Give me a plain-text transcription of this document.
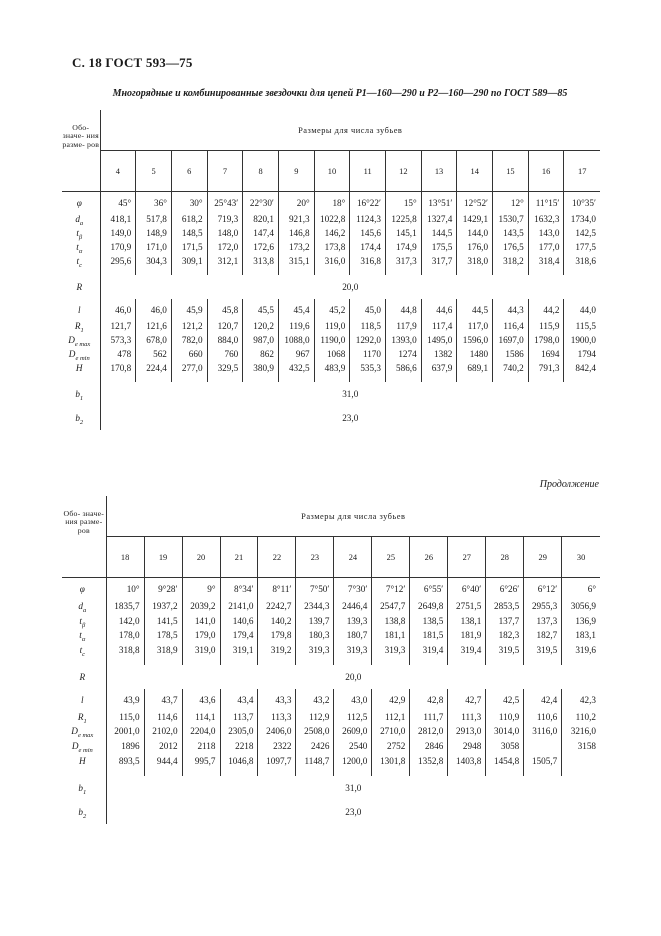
С. 18 ГОСТ 593—75
Многорядные и комбинированные звездочки для цепей Р1—160—290 и Р2—160—290 по ГОСТ 589—85
Обо- значе- ния разме- ров	Размеры для числа зубьев													
	4	5	6	7	8	9	10	11	12	13	14	15	16	17
φ	45°	36°	30°	25°43′	22°30′	20°	18°	16°22′	15°	13°51′	12°52′	12°	11°15′	10°35′
$d_a$	418,1	517,8	618,2	719,3	820,1	921,3	1022,8	1124,3	1225,8	1327,4	1429,1	1530,7	1632,3	1734,0
$t_\beta$	149,0	148,9	148,5	148,0	147,4	146,8	146,2	145,6	145,1	144,5	144,0	143,5	143,0	142,5
$t_\alpha$	170,9	171,0	171,5	172,0	172,6	173,2	173,8	174,4	174,9	175,5	176,0	176,5	177,0	177,5
$t_c$	295,6	304,3	309,1	312,1	313,8	315,1	316,0	316,8	317,3	317,7	318,0	318,2	318,4	318,6
R	20,0													
l	46,0	46,0	45,9	45,8	45,5	45,4	45,2	45,0	44,8	44,6	44,5	44,3	44,2	44,0
$R_1$	121,7	121,6	121,2	120,7	120,2	119,6	119,0	118,5	117,9	117,4	117,0	116,4	115,9	115,5
$D_{e max}$	573,3	678,0	782,0	884,0	987,0	1088,0	1190,0	1292,0	1393,0	1495,0	1596,0	1697,0	1798,0	1900,0
$D_{e min}$	478	562	660	760	862	967	1068	1170	1274	1382	1480	1586	1694	1794
H	170,8	224,4	277,0	329,5	380,9	432,5	483,9	535,3	586,6	637,9	689,1	740,2	791,3	842,4
$b_1$	31,0													
$b_2$	23,0													
Продолжение
Обо- значе- ния разме- ров	Размеры для числа зубьев												
	18	19	20	21	22	23	24	25	26	27	28	29	30
φ	10°	9°28′	9°	8°34′	8°11′	7°50′	7°30′	7°12′	6°55′	6°40′	6°26′	6°12′	6°
$d_a$	1835,7	1937,2	2039,2	2141,0	2242,7	2344,3	2446,4	2547,7	2649,8	2751,5	2853,5	2955,3	3056,9
$t_\beta$	142,0	141,5	141,0	140,6	140,2	139,7	139,3	138,8	138,5	138,1	137,7	137,3	136,9
$t_\alpha$	178,0	178,5	179,0	179,4	179,8	180,3	180,7	181,1	181,5	181,9	182,3	182,7	183,1
$t_c$	318,8	318,9	319,0	319,1	319,2	319,3	319,3	319,3	319,4	319,4	319,5	319,5	319,6
R	20,0												
l	43,9	43,7	43,6	43,4	43,3	43,2	43,0	42,9	42,8	42,7	42,5	42,4	42,3
$R_1$	115,0	114,6	114,1	113,7	113,3	112,9	112,5	112,1	111,7	111,3	110,9	110,6	110,2
$D_{e max}$	2001,0	2102,0	2204,0	2305,0	2406,0	2508,0	2609,0	2710,0	2812,0	2913,0	3014,0	3116,0	3216,0
$D_{e min}$	1896	2012	2118	2218	2322	2426	2540	2752	2846	2948	3058		3158
H	893,5	944,4	995,7	1046,8	1097,7	1148,7	1200,0	1301,8	1352,8	1403,8	1454,8	1505,7	
$b_1$	31,0												
$b_2$	23,0												
